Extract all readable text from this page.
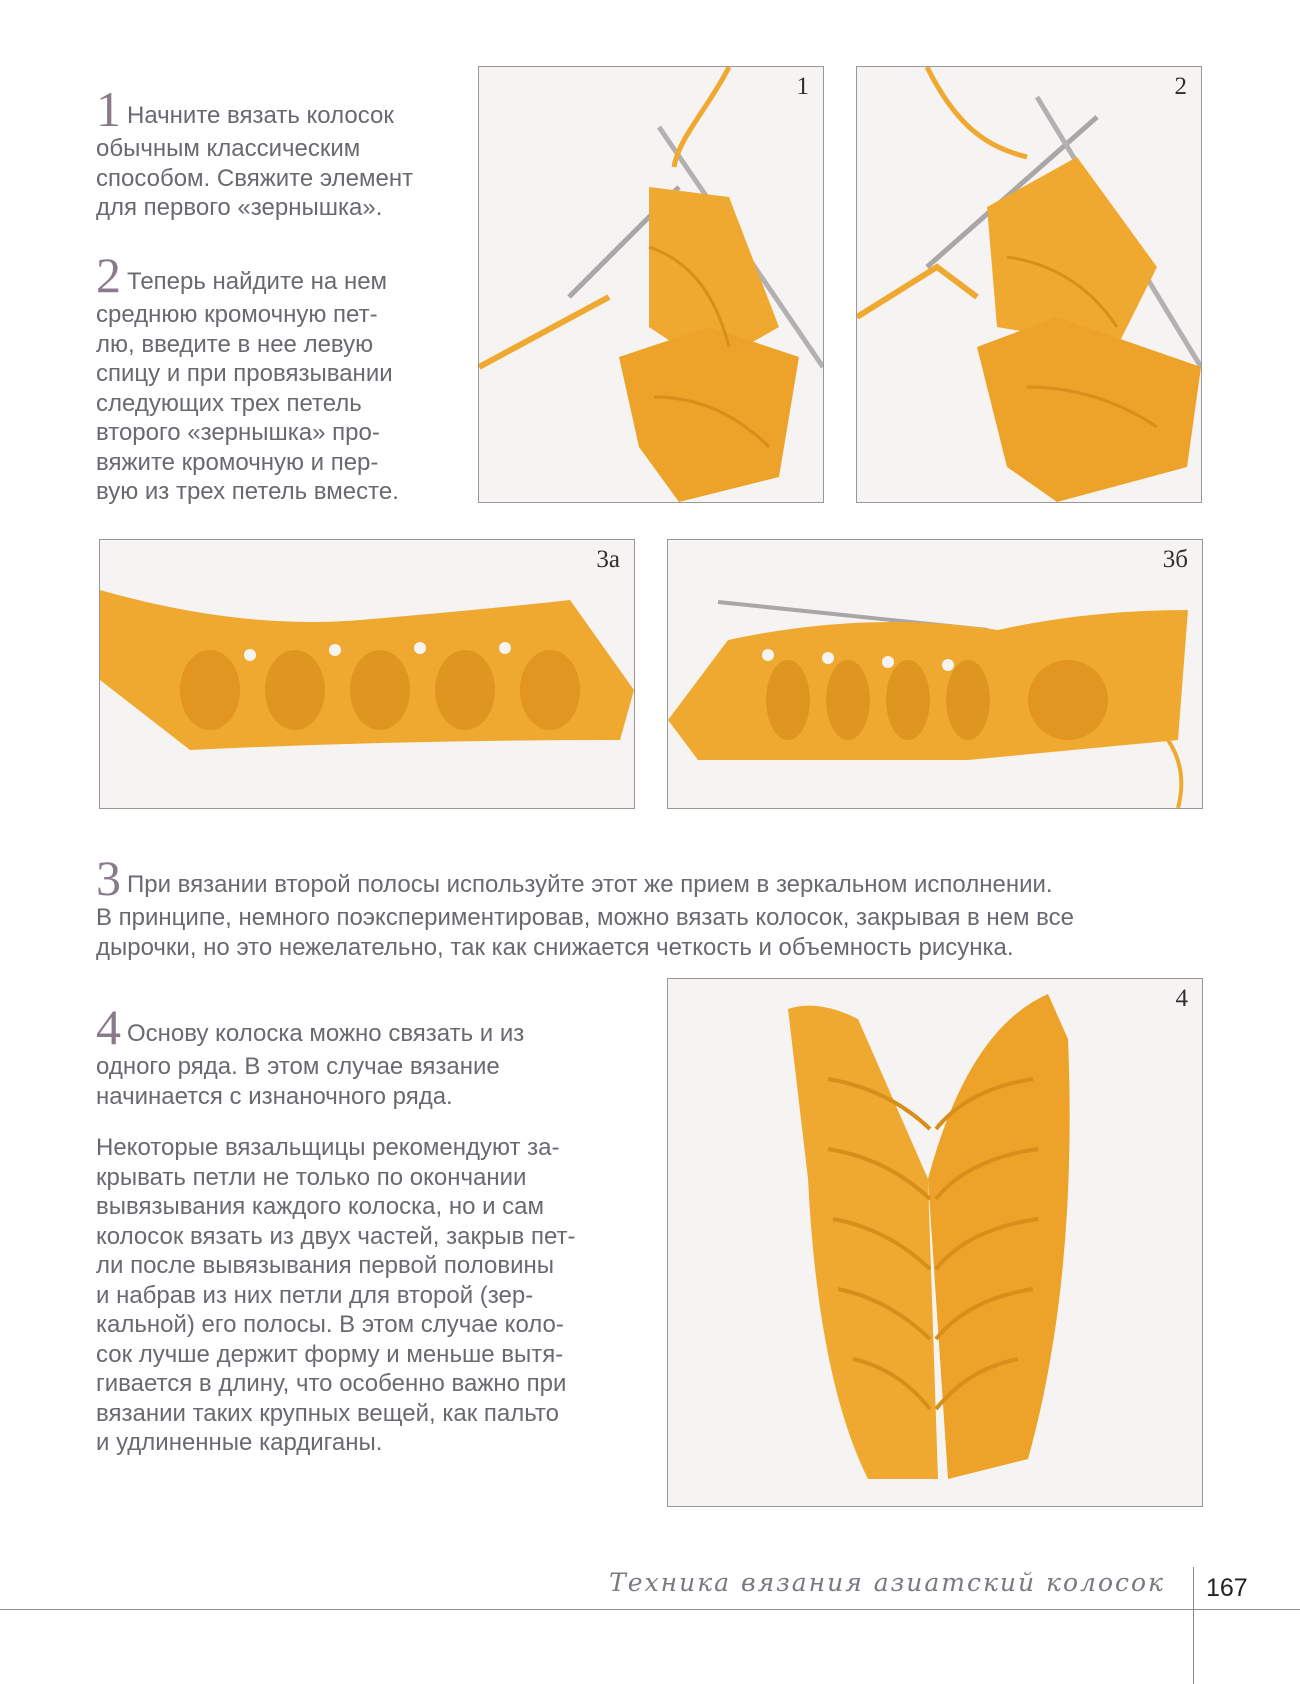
1 Начните вязать колосок
обычным классическим
способом. Свяжите элемент
для первого «зернышка».

2 Теперь найдите на нем
среднюю кромочную пет-
лю, введите в нее левую
спицу и при провязывании
следующих трех петель
второго «зернышка» про-
вяжите кромочную и пер-
вую из трех петель вместе.

1	2
3а	3б

3 При вязании второй полосы используйте этот же прием в зеркальном исполнении.
В принципе, немного поэкспериментировав, можно вязать колосок, закрывая в нем все
дырочки, но это нежелательно, так как снижается четкость и объемность рисунка.

4 Основу колоска можно связать и из
одного ряда. В этом случае вязание
начинается с изнаночного ряда.

Некоторые вязальщицы рекомендуют за-
крывать петли не только по окончании
вывязывания каждого колоска, но и сам
колосок вязать из двух частей, закрыв пет-
ли после вывязывания первой половины
и набрав из них петли для второй (зер-
кальной) его полосы. В этом случае коло-
сок лучше держит форму и меньше вытя-
гивается в длину, что особенно важно при
вязании таких крупных вещей, как пальто
и удлиненные кардиганы.

4
Техника вязания азиатский колосок 167
